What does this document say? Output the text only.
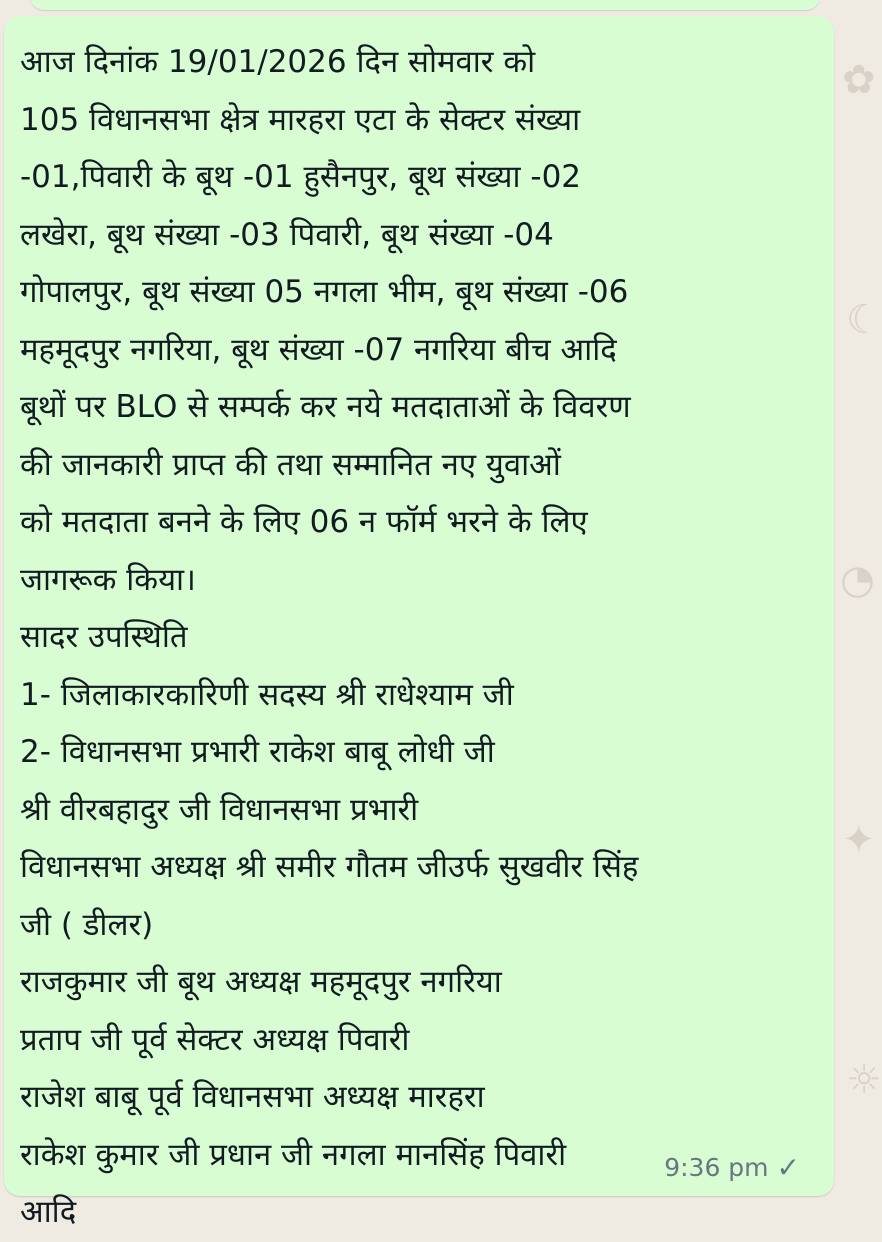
✿
☾
◔
✦
☼
आज दिनांक 19/01/2026 दिन सोमवार को
105 विधानसभा क्षेत्र मारहरा एटा के सेक्टर संख्या
-01,पिवारी के बूथ -01 हुसैनपुर, बूथ संख्या -02
लखेरा, बूथ संख्या -03 पिवारी, बूथ संख्या -04
गोपालपुर, बूथ संख्या 05 नगला भीम, बूथ संख्या -06
महमूदपुर नगरिया, बूथ संख्या -07 नगरिया बीच आदि
बूथों पर BLO से सम्पर्क कर नये मतदाताओं के विवरण
की जानकारी प्राप्त की तथा सम्मानित नए युवाओं
को मतदाता बनने के लिए 06 न फॉर्म भरने के लिए
जागरूक किया।
सादर उपस्थिति
1- जिलाकारकारिणी सदस्य श्री राधेश्याम जी
2- विधानसभा प्रभारी राकेश बाबू लोधी जी
श्री वीरबहादुर जी विधानसभा प्रभारी
विधानसभा अध्यक्ष श्री समीर गौतम जीउर्फ सुखवीर सिंह
जी ( डीलर)
राजकुमार जी बूथ अध्यक्ष महमूदपुर नगरिया
प्रताप जी पूर्व सेक्टर अध्यक्ष पिवारी
राजेश बाबू पूर्व विधानसभा अध्यक्ष मारहरा
राकेश कुमार जी प्रधान जी नगला मानसिंह पिवारी
आदि
9:36 pm ✓
